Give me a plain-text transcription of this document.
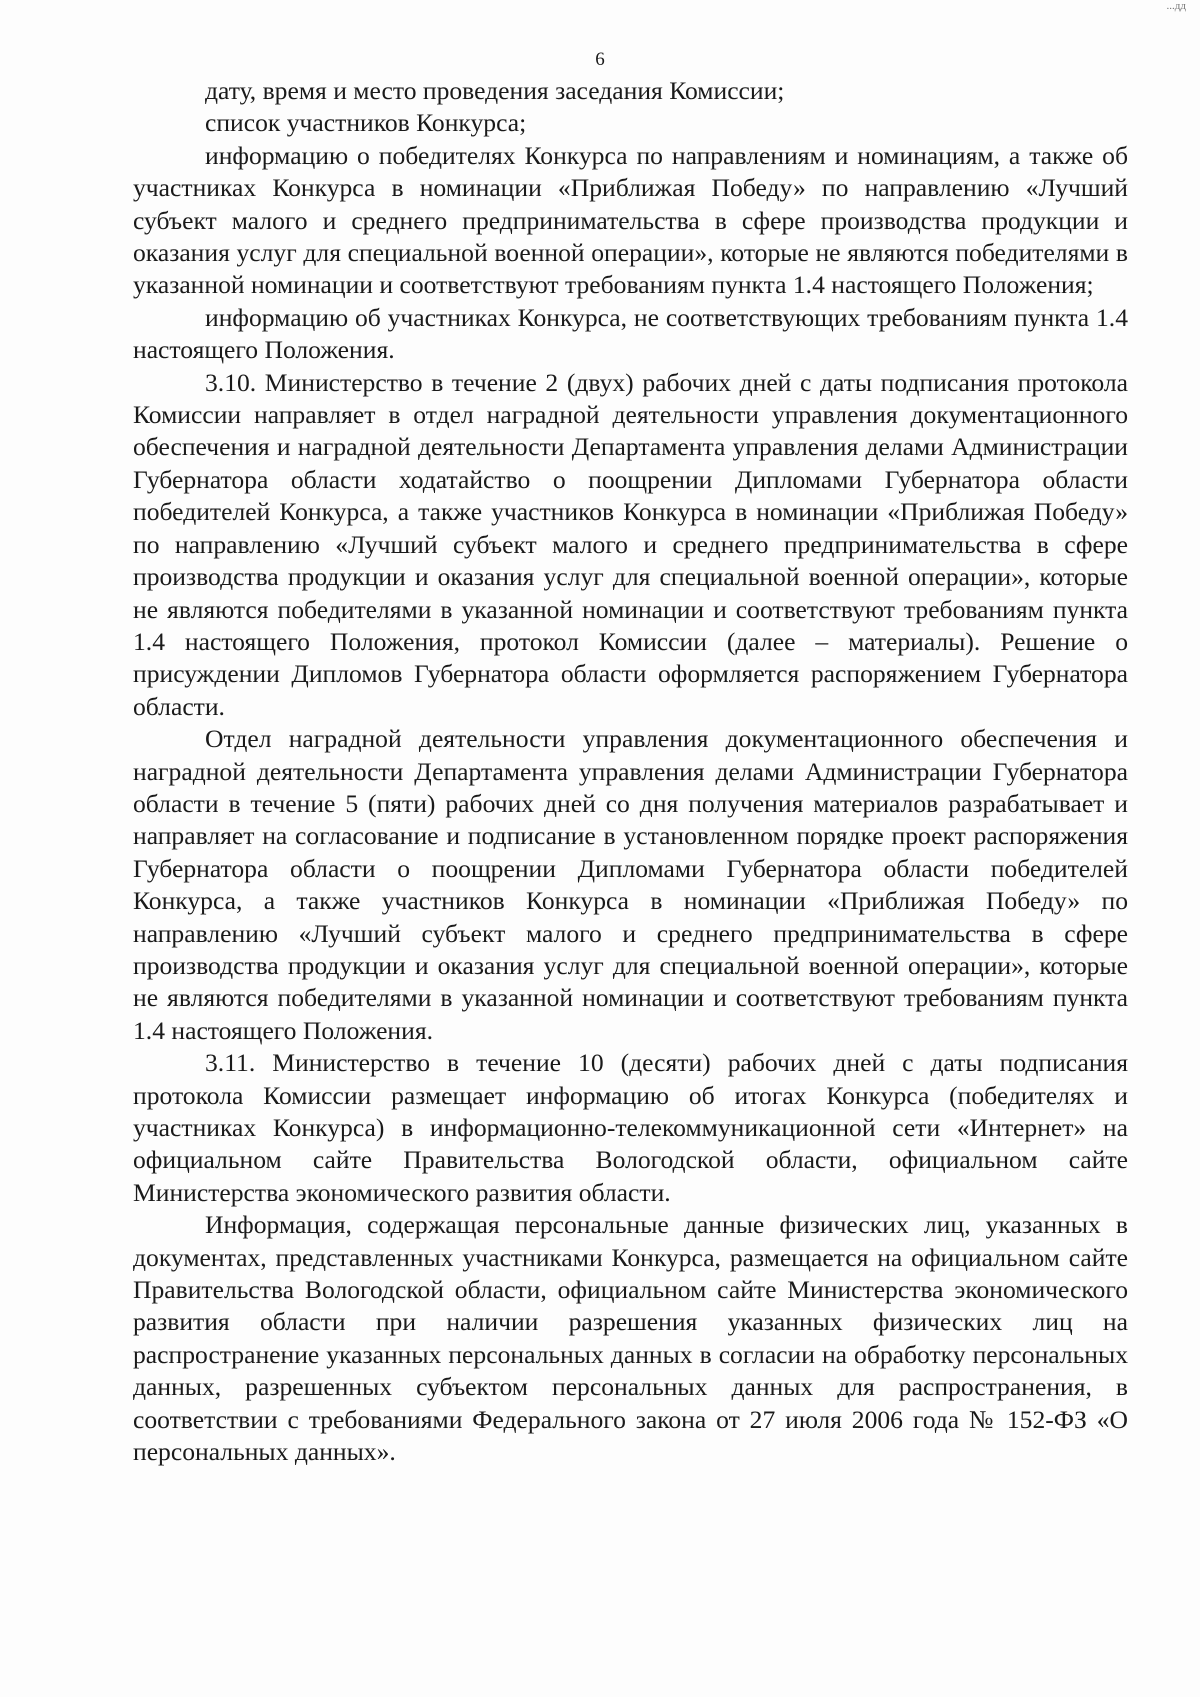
...дд
6

дату, время и место проведения заседания Комиссии;

список участников Конкурса;

информацию о победителях Конкурса по направлениям и номинациям, а также об участниках Конкурса в номинации «Приближая Победу» по направлению «Лучший субъект малого и среднего предпринимательства в сфере производства продукции и оказания услуг для специальной военной операции», которые не являются победителями в указанной номинации и соответствуют требованиям пункта 1.4 настоящего Положения;

информацию об участниках Конкурса, не соответствующих требованиям пункта 1.4 настоящего Положения.

3.10. Министерство в течение 2 (двух) рабочих дней с даты подписания протокола Комиссии направляет в отдел наградной деятельности управления документационного обеспечения и наградной деятельности Департамента управления делами Администрации Губернатора области ходатайство о поощрении Дипломами Губернатора области победителей Конкурса, а также участников Конкурса в номинации «Приближая Победу» по направлению «Лучший субъект малого и среднего предпринимательства в сфере производства продукции и оказания услуг для специальной военной операции», которые не являются победителями в указанной номинации и соответствуют требованиям пункта 1.4 настоящего Положения, протокол Комиссии (далее – материалы). Решение о присуждении Дипломов Губернатора области оформляется распоряжением Губернатора области.

Отдел наградной деятельности управления документационного обеспечения и наградной деятельности Департамента управления делами Администрации Губернатора области в течение 5 (пяти) рабочих дней со дня получения материалов разрабатывает и направляет на согласование и подписание в установленном порядке проект распоряжения Губернатора области о поощрении Дипломами Губернатора области победителей Конкурса, а также участников Конкурса в номинации «Приближая Победу» по направлению «Лучший субъект малого и среднего предпринимательства в сфере производства продукции и оказания услуг для специальной военной операции», которые не являются победителями в указанной номинации и соответствуют требованиям пункта 1.4 настоящего Положения.

3.11. Министерство в течение 10 (десяти) рабочих дней с даты подписания протокола Комиссии размещает информацию об итогах Конкурса (победителях и участниках Конкурса) в информационно-телекоммуникационной сети «Интернет» на официальном сайте Правительства Вологодской области, официальном сайте Министерства экономического развития области.

Информация, содержащая персональные данные физических лиц, указанных в документах, представленных участниками Конкурса, размещается на официальном сайте Правительства Вологодской области, официальном сайте Министерства экономического развития области при наличии разрешения указанных физических лиц на распространение указанных персональных данных в согласии на обработку персональных данных, разрешенных субъектом персональных данных для распространения, в соответствии с требованиями Федерального закона от 27 июля 2006 года № 152-ФЗ «О персональных данных».
